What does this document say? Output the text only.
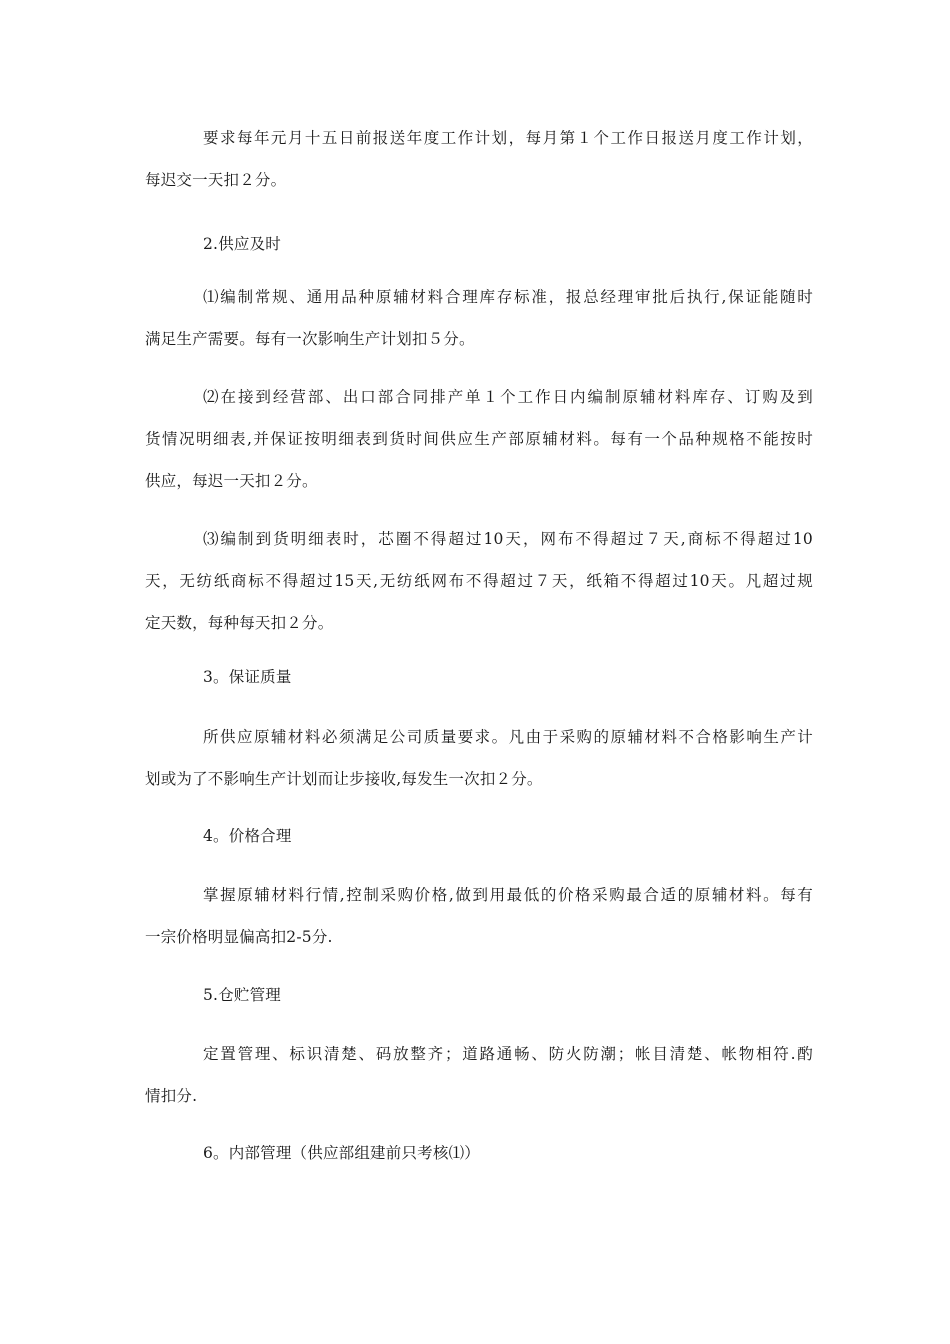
要求每年元月十五日前报送年度工作计划，每月第１个工作日报送月度工作计划，
每迟交一天扣２分。
2.供应及时
⑴编制常规、通用品种原辅材料合理库存标准，报总经理审批后执行,保证能随时
满足生产需要。每有一次影响生产计划扣５分。
⑵在接到经营部、出口部合同排产单１个工作日内编制原辅材料库存、订购及到
货情况明细表,并保证按明细表到货时间供应生产部原辅材料。每有一个品种规格不能按时
供应，每迟一天扣２分。
⑶编制到货明细表时，芯圈不得超过10天，网布不得超过７天,商标不得超过10
天，无纺纸商标不得超过15天,无纺纸网布不得超过７天，纸箱不得超过10天。凡超过规
定天数，每种每天扣２分。
3。保证质量
所供应原辅材料必须满足公司质量要求。凡由于采购的原辅材料不合格影响生产计
划或为了不影响生产计划而让步接收,每发生一次扣２分。
4。价格合理
掌握原辅材料行情,控制采购价格,做到用最低的价格采购最合适的原辅材料。每有
一宗价格明显偏高扣2-5分.
5.仓贮管理
定置管理、标识清楚、码放整齐；道路通畅、防火防潮；帐目清楚、帐物相符.酌
情扣分.
6。内部管理（供应部组建前只考核⑴）
